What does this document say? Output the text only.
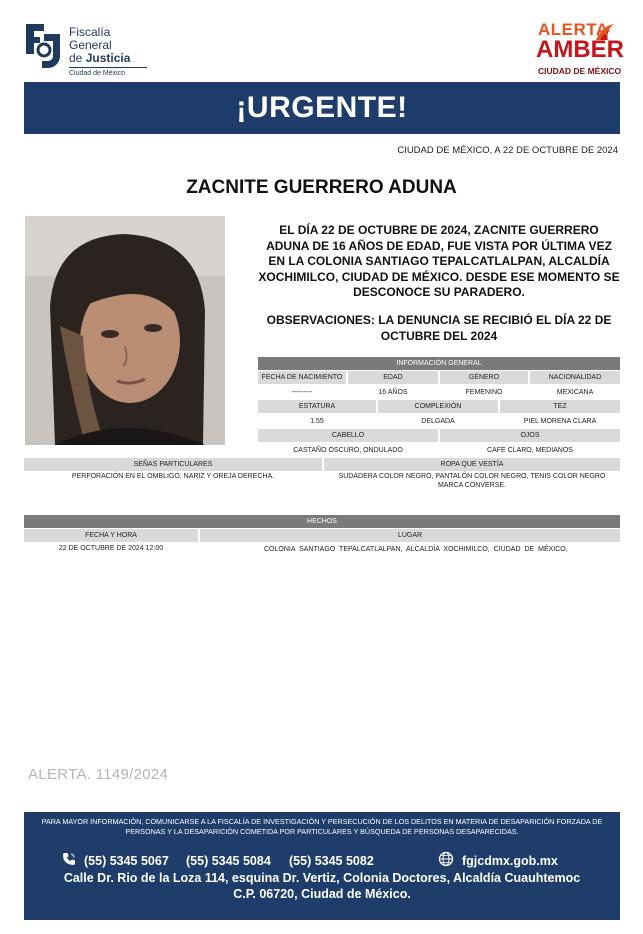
Fiscalía
General
de Justicia
Ciudad de México
ALERTA
AMBER
CIUDAD DE MÉXICO
¡URGENTE!
CIUDAD DE MÉXICO, A 22 DE OCTUBRE DE 2024
ZACNITE GUERRERO ADUNA
EL DÍA 22 DE OCTUBRE DE 2024, ZACNITE GUERRERO ADUNA DE 16 AÑOS DE EDAD, FUE VISTA POR ÚLTIMA VEZ EN LA COLONIA SANTIAGO TEPALCATLALPAN, ALCALDÍA XOCHIMILCO, CIUDAD DE MÉXICO. DESDE ESE MOMENTO SE DESCONOCE SU PARADERO.
OBSERVACIONES: LA DENUNCIA SE RECIBIÓ EL DÍA 22 DE OCTUBRE DEL 2024
INFORMACIÓN GENERAL
FECHA DE NACIMIENTO	EDAD	GÉNERO	NACIONALIDAD
---------	16 AÑOS	FEMENINO	MEXICANA
ESTATURA	COMPLEXIÓN	TEZ
1.55	DELGADA	PIEL MORENA CLARA
CABELLO	OJOS
CASTAÑO OSCURO, ONDULADO	CAFE CLARO, MEDIANOS
SEÑAS PARTICULARES	ROPA QUE VESTÍA
PERFORACIÓN EN EL OMBLIGO, NARIZ Y OREJA DERECHA.	SUDADERA COLOR NEGRO, PANTALÓN COLOR NEGRO, TENIS COLOR NEGRO MARCA CONVERSE.
HECHOS
FECHA Y HORA	LUGAR
22 DE OCTUBRE DE 2024 12:00	COLONIA SANTIAGO TEPALCATLALPAN, ALCALDÍA XOCHIMILCO, CIUDAD DE MÉXICO,
ALERTA. 1149/2024
PARA MAYOR INFORMACIÓN, COMUNICARSE A LA FISCALÍA DE INVESTIGACIÓN Y PERSECUCIÓN DE LOS DELITOS EN MATERIA DE DESAPARICIÓN FORZADA DE PERSONAS Y LA DESAPARICIÓN COMETIDA POR PARTICULARES Y BÚSQUEDA DE PERSONAS DESAPARECIDAS.
(55) 5345 5067 (55) 5345 5084 (55) 5345 5082	fgjcdmx.gob.mx
Calle Dr. Rio de la Loza 114, esquina Dr. Vertiz, Colonia Doctores, Alcaldía Cuauhtemoc
C.P. 06720, Ciudad de México.
